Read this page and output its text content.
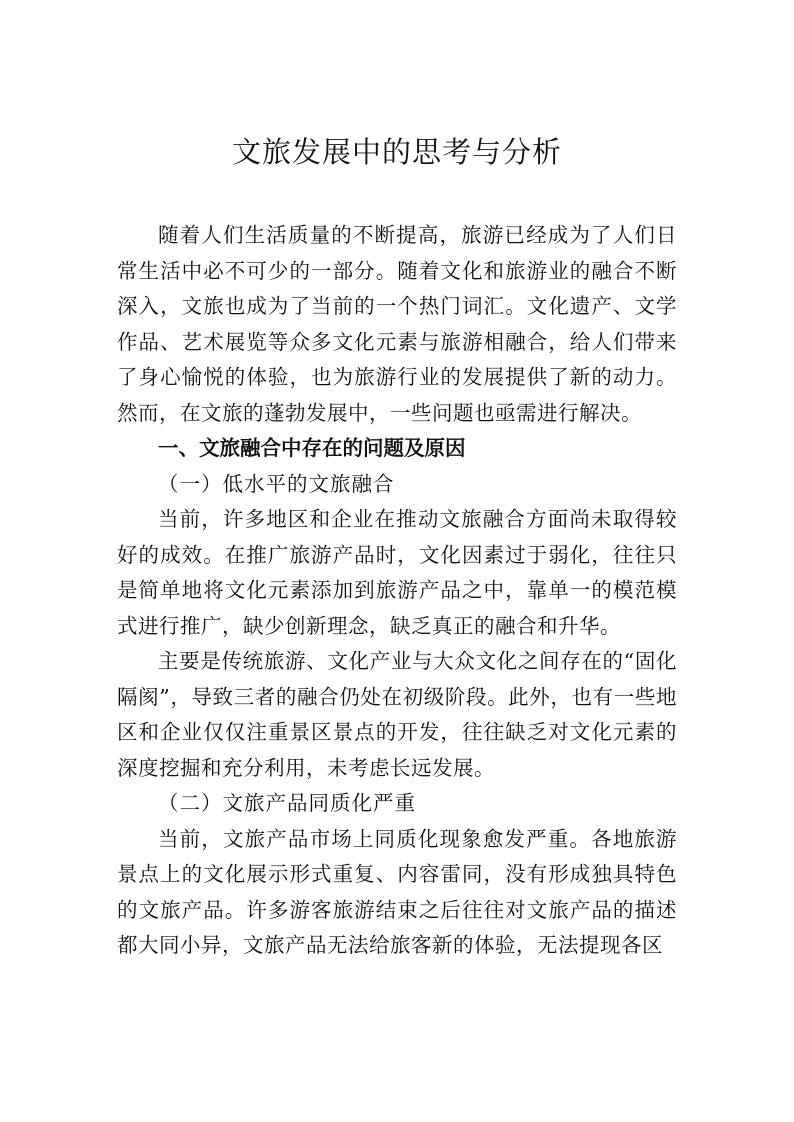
文旅发展中的思考与分析

随着人们生活质量的不断提高，旅游已经成为了人们日常生活中必不可少的一部分。随着文化和旅游业的融合不断深入，文旅也成为了当前的一个热门词汇。文化遗产、文学作品、艺术展览等众多文化元素与旅游相融合，给人们带来了身心愉悦的体验，也为旅游行业的发展提供了新的动力。 然而，在文旅的蓬勃发展中，一些问题也亟需进行解决。

一、文旅融合中存在的问题及原因

（一）低水平的文旅融合

当前，许多地区和企业在推动文旅融合方面尚未取得较好的成效。在推广旅游产品时，文化因素过于弱化，往往只是简单地将文化元素添加到旅游产品之中，靠单一的模范模式进行推广，缺少创新理念，缺乏真正的融合和升华。

主要是传统旅游、文化产业与大众文化之间存在的“固化隔阂”，导致三者的融合仍处在初级阶段。此外，也有一些地区和企业仅仅注重景区景点的开发，往往缺乏对文化元素的深度挖掘和充分利用，未考虑长远发展。

（二）文旅产品同质化严重

当前，文旅产品市场上同质化现象愈发严重。各地旅游景点上的文化展示形式重复、内容雷同，没有形成独具特色的文旅产品。许多游客旅游结束之后往往对文旅产品的描述都大同小异，文旅产品无法给旅客新的体验，无法提现各区
